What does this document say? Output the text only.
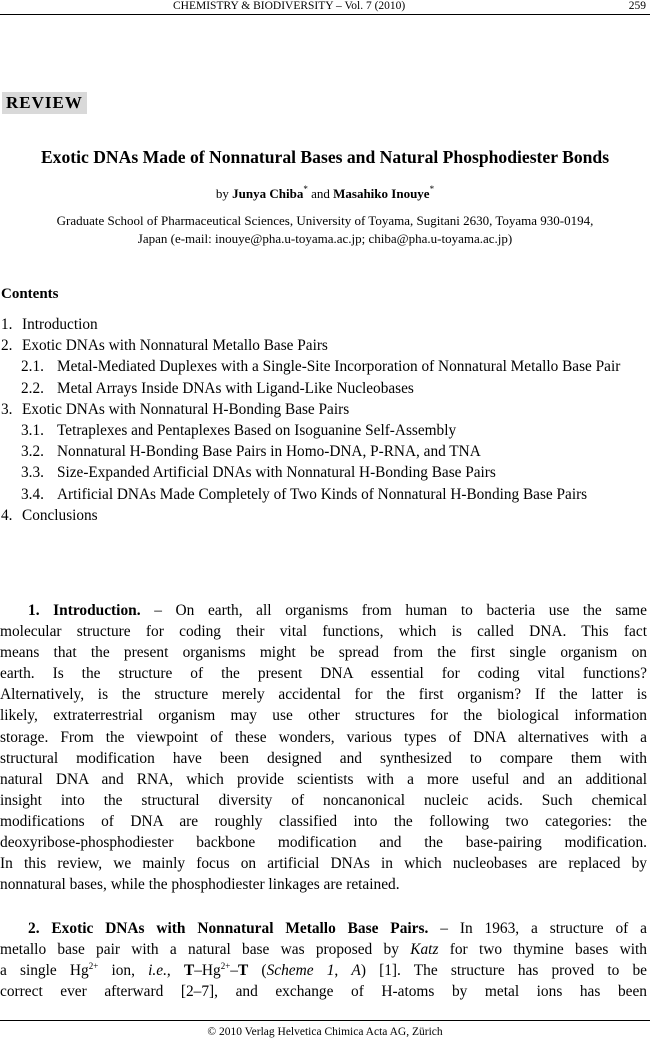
CHEMISTRY & BIODIVERSITY – Vol. 7 (2010)	259
REVIEW
Exotic DNAs Made of Nonnatural Bases and Natural Phosphodiester Bonds
by Junya Chiba* and Masahiko Inouye*
Graduate School of Pharmaceutical Sciences, University of Toyama, Sugitani 2630, Toyama 930-0194,
Japan (e-mail: inouye@pha.u-toyama.ac.jp; chiba@pha.u-toyama.ac.jp)
Contents
1. Introduction
2. Exotic DNAs with Nonnatural Metallo Base Pairs
2.1. Metal-Mediated Duplexes with a Single-Site Incorporation of Nonnatural Metallo Base Pair
2.2. Metal Arrays Inside DNAs with Ligand-Like Nucleobases
3. Exotic DNAs with Nonnatural H-Bonding Base Pairs
3.1. Tetraplexes and Pentaplexes Based on Isoguanine Self-Assembly
3.2. Nonnatural H-Bonding Base Pairs in Homo-DNA, P-RNA, and TNA
3.3. Size-Expanded Artificial DNAs with Nonnatural H-Bonding Base Pairs
3.4. Artificial DNAs Made Completely of Two Kinds of Nonnatural H-Bonding Base Pairs
4. Conclusions
1. Introduction. – On earth, all organisms from human to bacteria use the same
molecular structure for coding their vital functions, which is called DNA. This fact
means that the present organisms might be spread from the first single organism on
earth. Is the structure of the present DNA essential for coding vital functions?
Alternatively, is the structure merely accidental for the first organism? If the latter is
likely, extraterrestrial organism may use other structures for the biological information
storage. From the viewpoint of these wonders, various types of DNA alternatives with a
structural modification have been designed and synthesized to compare them with
natural DNA and RNA, which provide scientists with a more useful and an additional
insight into the structural diversity of noncanonical nucleic acids. Such chemical
modifications of DNA are roughly classified into the following two categories: the
deoxyribose-phosphodiester backbone modification and the base-pairing modification.
In this review, we mainly focus on artificial DNAs in which nucleobases are replaced by
nonnatural bases, while the phosphodiester linkages are retained.
2. Exotic DNAs with Nonnatural Metallo Base Pairs. – In 1963, a structure of a
metallo base pair with a natural base was proposed by Katz for two thymine bases with
a single $Hg^{2+}$ ion, i.e., $T-Hg^{2+}-T$ (Scheme 1, A) [1]. The structure has proved to be
correct ever afterward [2–7], and exchange of H-atoms by metal ions has been
© 2010 Verlag Helvetica Chimica Acta AG, Zürich
